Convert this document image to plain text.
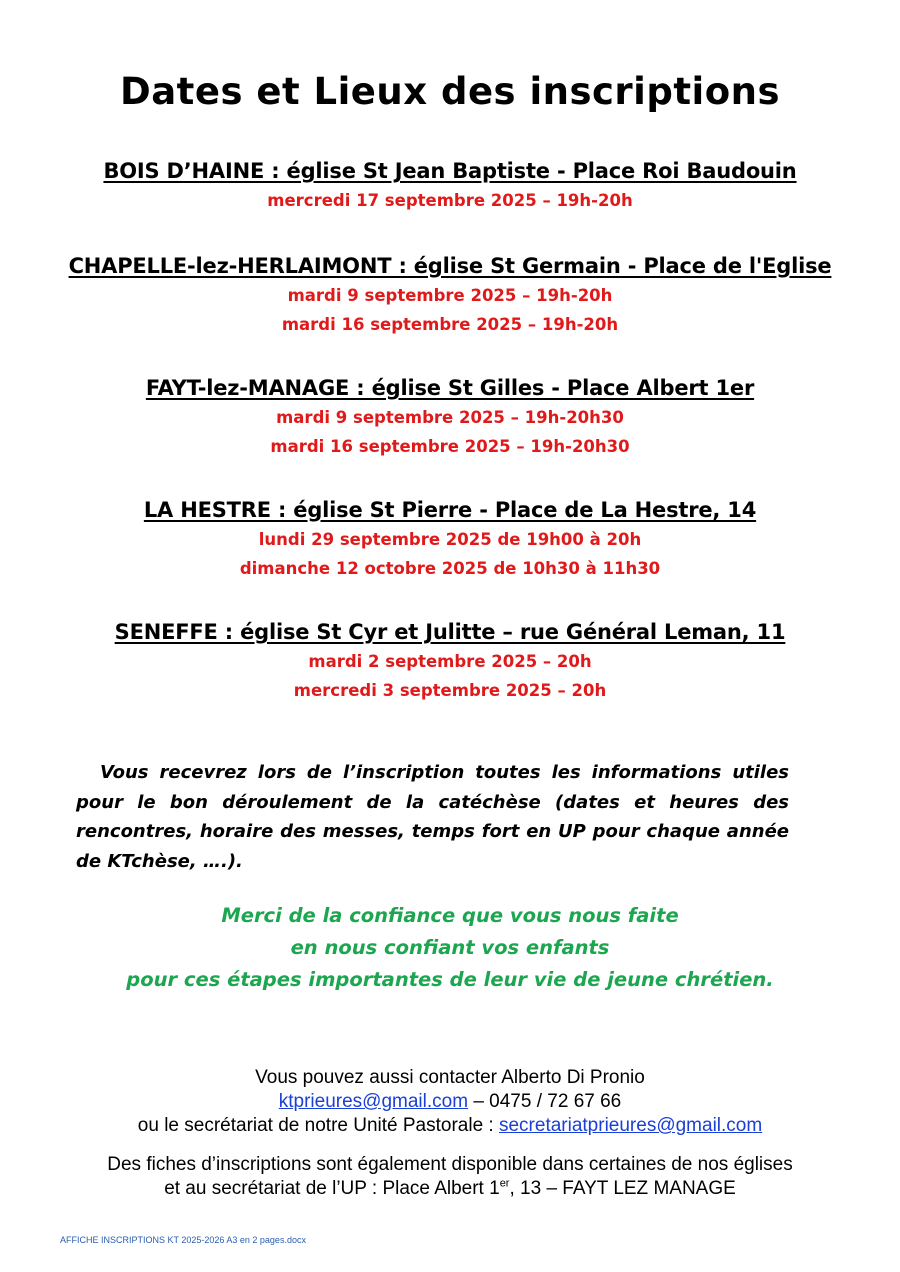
Dates et Lieux des inscriptions
BOIS D’HAINE : église St Jean Baptiste - Place Roi Baudouin
mercredi 17 septembre 2025 – 19h-20h
CHAPELLE-lez-HERLAIMONT : église St Germain - Place de l'Eglise
mardi 9 septembre 2025 – 19h-20h
mardi 16 septembre 2025 – 19h-20h
FAYT-lez-MANAGE : église St Gilles - Place Albert 1er
mardi 9 septembre 2025 – 19h-20h30
mardi 16 septembre 2025 – 19h-20h30
LA HESTRE : église St Pierre - Place de La Hestre, 14
lundi 29 septembre 2025 de 19h00 à 20h
dimanche 12 octobre 2025 de 10h30 à 11h30
SENEFFE : église St Cyr et Julitte – rue Général Leman, 11
mardi 2 septembre 2025 – 20h
mercredi 3 septembre 2025 – 20h
Vous recevrez lors de l’inscription toutes les informations utiles pour le bon déroulement de la catéchèse (dates et heures des rencontres, horaire des messes, temps fort en UP pour chaque année de KTchèse, ….).
Merci de la confiance que vous nous faite
en nous confiant vos enfants
pour ces étapes importantes de leur vie de jeune chrétien.
Vous pouvez aussi contacter Alberto Di Pronio
ktprieures@gmail.com – 0475 / 72 67 66
ou le secrétariat de notre Unité Pastorale : secretariatprieures@gmail.com
Des fiches d’inscriptions sont également disponible dans certaines de nos églises
et au secrétariat de l’UP : Place Albert 1er, 13 – FAYT LEZ MANAGE
AFFICHE INSCRIPTIONS KT 2025-2026 A3 en 2 pages.docx
